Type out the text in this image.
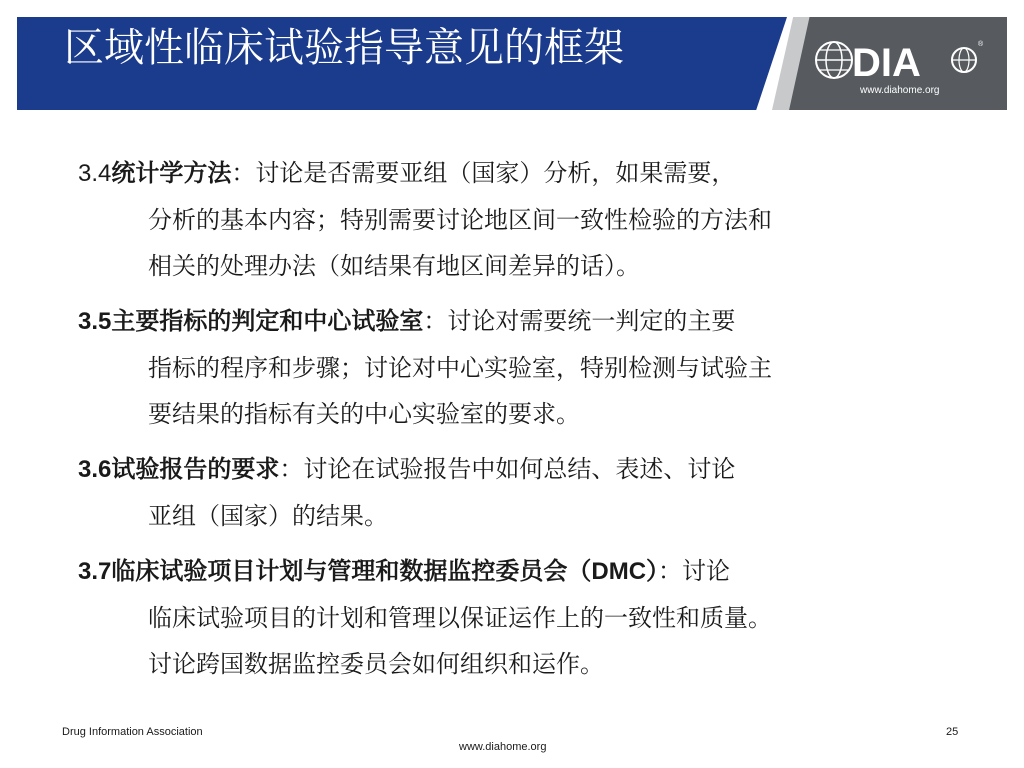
区域性临床试验指导意见的框架	DIA	®
www.diahome.org
3.4统计学方法：讨论是否需要亚组（国家）分析，如果需要，
分析的基本内容；特别需要讨论地区间一致性检验的方法和
相关的处理办法（如结果有地区间差异的话）。
3.5主要指标的判定和中心试验室：讨论对需要统一判定的主要
指标的程序和步骤；讨论对中心实验室，特别检测与试验主
要结果的指标有关的中心实验室的要求。
3.6试验报告的要求：讨论在试验报告中如何总结、表述、讨论
亚组（国家）的结果。
3.7临床试验项目计划与管理和数据监控委员会（DMC）：讨论
临床试验项目的计划和管理以保证运作上的一致性和质量。
讨论跨国数据监控委员会如何组织和运作。
Drug Information Association	25
www.diahome.org
